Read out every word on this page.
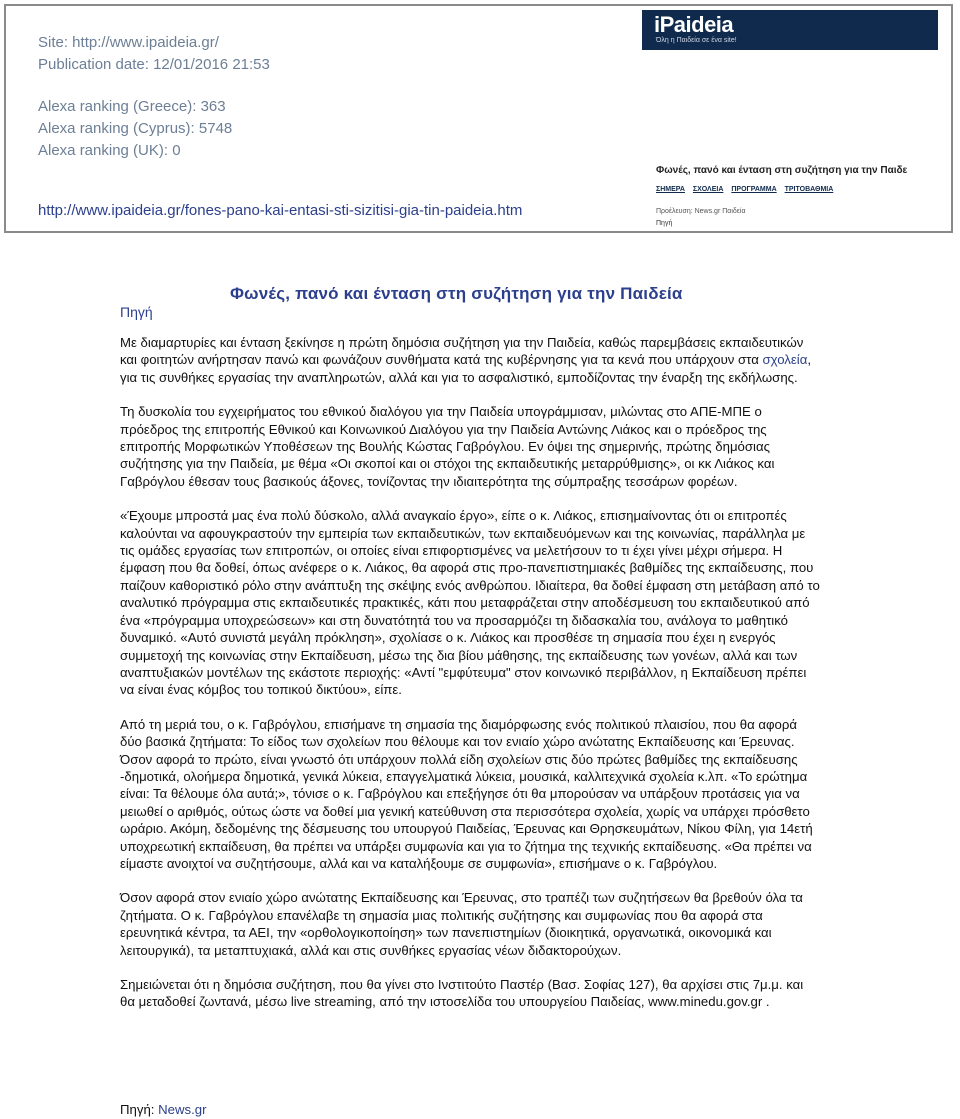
Site: http://www.ipaideia.gr/
Publication date: 12/01/2016 21:53
Alexa ranking (Greece): 363
Alexa ranking (Cyprus): 5748
Alexa ranking (UK): 0
http://www.ipaideia.gr/fones-pano-kai-entasi-sti-sizitisi-gia-tin-paideia.htm
iPaideia
Όλη η Παιδεία σε ένα site!
Φωνές, πανό και ένταση στη συζήτηση για την Παιδε
ΣΗΜΕΡΑ ΣΧΟΛΕΙΑ ΠΡΟΓΡΑΜΜΑ ΤΡΙΤΟΒΑΘΜΙΑ
Προέλευση: News.gr Παιδεία
Πηγή
Πηγή
Φωνές, πανό και ένταση στη συζήτηση για την Παιδεία

Με διαμαρτυρίες και ένταση ξεκίνησε η πρώτη δημόσια συζήτηση για την Παιδεία, καθώς παρεμβάσεις εκπαιδευτικών και φοιτητών ανήρτησαν πανώ και φωνάζουν συνθήματα κατά της κυβέρνησης για τα κενά που υπάρχουν στα σχολεία, για τις συνθήκες εργασίας την αναπληρωτών, αλλά και για το ασφαλιστικό, εμποδίζοντας την έναρξη της εκδήλωσης.

Τη δυσκολία του εγχειρήματος του εθνικού διαλόγου για την Παιδεία υπογράμμισαν, μιλώντας στο ΑΠΕ-ΜΠΕ ο πρόεδρος της επιτροπής Εθνικού και Κοινωνικού Διαλόγου για την Παιδεία Αντώνης Λιάκος και ο πρόεδρος της επιτροπής Μορφωτικών Υποθέσεων της Βουλής Κώστας Γαβρόγλου. Εν όψει της σημερινής, πρώτης δημόσιας συζήτησης για την Παιδεία, με θέμα «Οι σκοποί και οι στόχοι της εκπαιδευτικής μεταρρύθμισης», οι κκ Λιάκος και Γαβρόγλου έθεσαν τους βασικούς άξονες, τονίζοντας την ιδιαιτερότητα της σύμπραξης τεσσάρων φορέων.

«Έχουμε μπροστά μας ένα πολύ δύσκολο, αλλά αναγκαίο έργο», είπε ο κ. Λιάκος, επισημαίνοντας ότι οι επιτροπές καλούνται να αφουγκραστούν την εμπειρία των εκπαιδευτικών, των εκπαιδευόμενων και της κοινωνίας, παράλληλα με τις ομάδες εργασίας των επιτροπών, οι οποίες είναι επιφορτισμένες να μελετήσουν το τι έχει γίνει μέχρι σήμερα. Η έμφαση που θα δοθεί, όπως ανέφερε ο κ. Λιάκος, θα αφορά στις προ-πανεπιστημιακές βαθμίδες της εκπαίδευσης, που παίζουν καθοριστικό ρόλο στην ανάπτυξη της σκέψης ενός ανθρώπου. Ιδιαίτερα, θα δοθεί έμφαση στη μετάβαση από το αναλυτικό πρόγραμμα στις εκπαιδευτικές πρακτικές, κάτι που μεταφράζεται στην αποδέσμευση του εκπαιδευτικού από ένα «πρόγραμμα υποχρεώσεων» και στη δυνατότητά του να προσαρμόζει τη διδασκαλία του, ανάλογα το μαθητικό δυναμικό. «Αυτό συνιστά μεγάλη πρόκληση», σχολίασε ο κ. Λιάκος και προσθέσε τη σημασία που έχει η ενεργός συμμετοχή της κοινωνίας στην Εκπαίδευση, μέσω της δια βίου μάθησης, της εκπαίδευσης των γονέων, αλλά και των αναπτυξιακών μοντέλων της εκάστοτε περιοχής: «Αντί "εμφύτευμα" στον κοινωνικό περιβάλλον, η Εκπαίδευση πρέπει να είναι ένας κόμβος του τοπικού δικτύου», είπε.

Από τη μεριά του, ο κ. Γαβρόγλου, επισήμανε τη σημασία της διαμόρφωσης ενός πολιτικού πλαισίου, που θα αφορά δύο βασικά ζητήματα: Το είδος των σχολείων που θέλουμε και τον ενιαίο χώρο ανώτατης Εκπαίδευσης και Έρευνας. Όσον αφορά το πρώτο, είναι γνωστό ότι υπάρχουν πολλά είδη σχολείων στις δύο πρώτες βαθμίδες της εκπαίδευσης -δημοτικά, ολοήμερα δημοτικά, γενικά λύκεια, επαγγελματικά λύκεια, μουσικά, καλλιτεχνικά σχολεία κ.λπ. «Το ερώτημα είναι: Τα θέλουμε όλα αυτά;», τόνισε ο κ. Γαβρόγλου και επεξήγησε ότι θα μπορούσαν να υπάρξουν προτάσεις για να μειωθεί ο αριθμός, ούτως ώστε να δοθεί μια γενική κατεύθυνση στα περισσότερα σχολεία, χωρίς να υπάρχει πρόσθετο ωράριο. Ακόμη, δεδομένης της δέσμευσης του υπουργού Παιδείας, Έρευνας και Θρησκευμάτων, Νίκου Φίλη, για 14ετή υποχρεωτική εκπαίδευση, θα πρέπει να υπάρξει συμφωνία και για το ζήτημα της τεχνικής εκπαίδευσης. «Θα πρέπει να είμαστε ανοιχτοί να συζητήσουμε, αλλά και να καταλήξουμε σε συμφωνία», επισήμανε ο κ. Γαβρόγλου.

Όσον αφορά στον ενιαίο χώρο ανώτατης Εκπαίδευσης και Έρευνας, στο τραπέζι των συζητήσεων θα βρεθούν όλα τα ζητήματα. Ο κ. Γαβρόγλου επανέλαβε τη σημασία μιας πολιτικής συζήτησης και συμφωνίας που θα αφορά στα ερευνητικά κέντρα, τα ΑΕΙ, την «ορθολογικοποίηση» των πανεπιστημίων (διοικητικά, οργανωτικά, οικονομικά και λειτουργικά), τα μεταπτυχιακά, αλλά και στις συνθήκες εργασίας νέων διδακτορούχων.

Σημειώνεται ότι η δημόσια συζήτηση, που θα γίνει στο Ινστιτούτο Παστέρ (Βασ. Σοφίας 127), θα αρχίσει στις 7μ.μ. και θα μεταδοθεί ζωντανά, μέσω live streaming, από την ιστοσελίδα του υπουργείου Παιδείας, www.minedu.gov.gr .

Πηγή: News.gr
